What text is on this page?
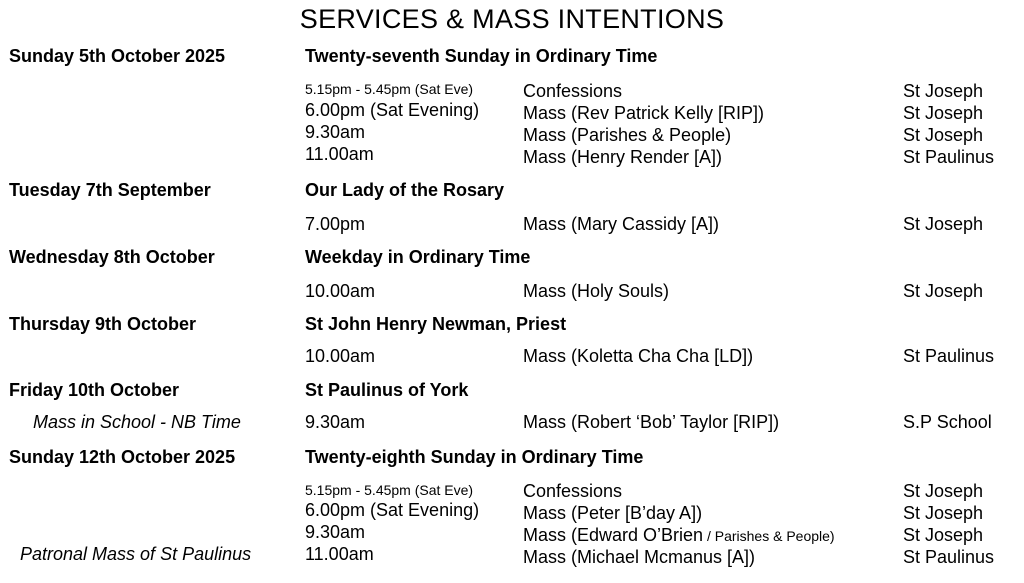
SERVICES & MASS INTENTIONS
Sunday 5th October 2025	Twenty-seventh Sunday in Ordinary Time
5.15pm - 5.45pm (Sat Eve)	Confessions	St Joseph
6.00pm (Sat Evening) Mass (Rev Patrick Kelly [RIP])	St Joseph
9.30am	Mass (Parishes & People)	St Joseph
11.00am	Mass (Henry Render [A])	St Paulinus
Tuesday 7th September	Our Lady of the Rosary
7.00pm	Mass (Mary Cassidy [A])	St Joseph
Wednesday 8th October	Weekday in Ordinary Time
10.00am	Mass (Holy Souls)	St Joseph
Thursday 9th October	St John Henry Newman, Priest
10.00am	Mass (Koletta Cha Cha [LD])	St Paulinus
Friday 10th October	St Paulinus of York
Mass in School - NB Time	9.30am	Mass (Robert ‘Bob’ Taylor [RIP])	S.P School
Sunday 12th October 2025	Twenty-eighth Sunday in Ordinary Time
5.15pm - 5.45pm (Sat Eve)	Confessions	St Joseph
6.00pm (Sat Evening) Mass (Peter [B’day A])	St Joseph
9.30am	Mass (Edward O’Brien / Parishes & People)	St Joseph
Patronal Mass of St Paulinus	11.00am	Mass (Michael Mcmanus [A])	St Paulinus
